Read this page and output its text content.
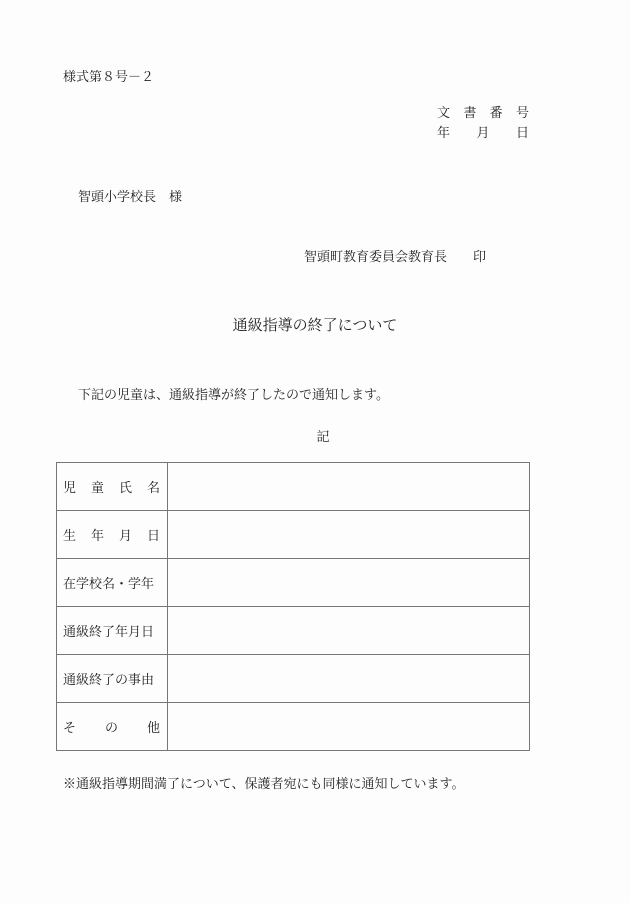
様式第８号－２
文 書 番 号
年 月 日
智頭小学校長　様
智頭町教育委員会教育長　　印
通級指導の終了について
下記の児童は、通級指導が終了したので通知します。
記
児 童 氏 名	

生 年 月 日	

在学校名・学年	

通級終了年月日	

通級終了の事由	

そ の 他	

※通級指導期間満了について、保護者宛にも同様に通知しています。
